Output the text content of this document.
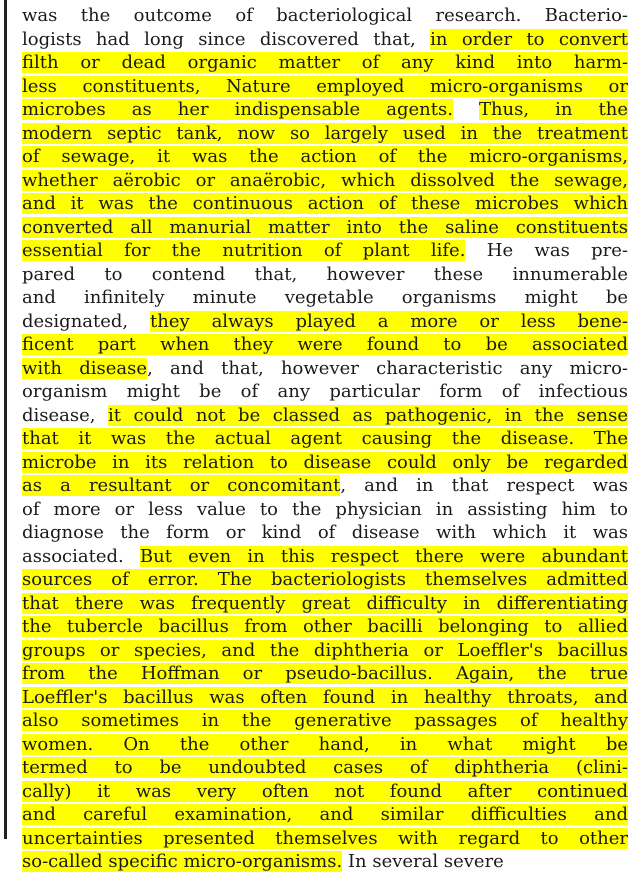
was the outcome of bacteriological research. Bacterio-
logists had long since discovered that, in order to convert
filth or dead organic matter of any kind into harm-
less constituents, Nature employed micro-organisms or
microbes as her indispensable agents. Thus, in the
modern septic tank, now so largely used in the treatment
of sewage, it was the action of the micro-organisms,
whether aërobic or anaërobic, which dissolved the sewage,
and it was the continuous action of these microbes which
converted all manurial matter into the saline constituents
essential for the nutrition of plant life. He was pre-
pared to contend that, however these innumerable
and infinitely minute vegetable organisms might be
designated, they always played a more or less bene-
ficent part when they were found to be associated
with disease, and that, however characteristic any micro-
organism might be of any particular form of infectious
disease, it could not be classed as pathogenic, in the sense
that it was the actual agent causing the disease. The
microbe in its relation to disease could only be regarded
as a resultant or concomitant, and in that respect was
of more or less value to the physician in assisting him to
diagnose the form or kind of disease with which it was
associated. But even in this respect there were abundant
sources of error. The bacteriologists themselves admitted
that there was frequently great difficulty in differentiating
the tubercle bacillus from other bacilli belonging to allied
groups or species, and the diphtheria or Loeffler's bacillus
from the Hoffman or pseudo-bacillus. Again, the true
Loeffler's bacillus was often found in healthy throats, and
also sometimes in the generative passages of healthy
women. On the other hand, in what might be
termed to be undoubted cases of diphtheria (clini-
cally) it was very often not found after continued
and careful examination, and similar difficulties and
uncertainties presented themselves with regard to other
so-called specific micro-organisms. In several severe
